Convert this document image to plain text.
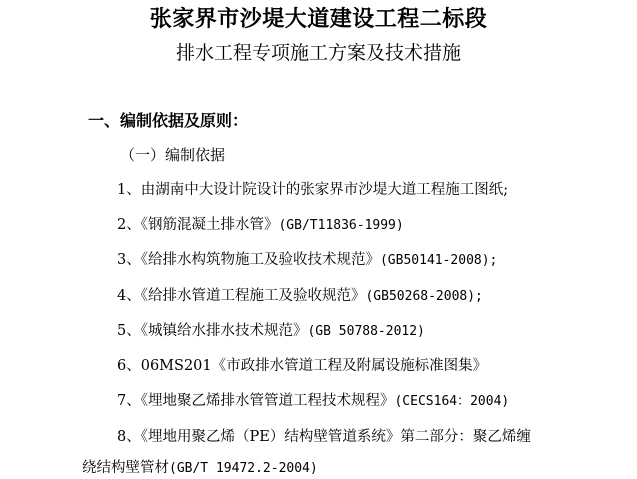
张家界市沙堤大道建设工程二标段
排水工程专项施工方案及技术措施
一、编制依据及原则：
（一）编制依据
1、由湖南中大设计院设计的张家界市沙堤大道工程施工图纸;
2、《钢筋混凝土排水管》(GB/T11836-1999)
3、《给排水构筑物施工及验收技术规范》(GB50141-2008);
4、《给排水管道工程施工及验收规范》(GB50268-2008);
5、《城镇给水排水技术规范》(GB 50788-2012)
6、06MS201《市政排水管道工程及附属设施标准图集》
7、《埋地聚乙烯排水管管道工程技术规程》(CECS164：2004)
8、《埋地用聚乙烯（PE）结构壁管道系统》第二部分：聚乙烯缠
绕结构壁管材(GB/T 19472.2-2004)
